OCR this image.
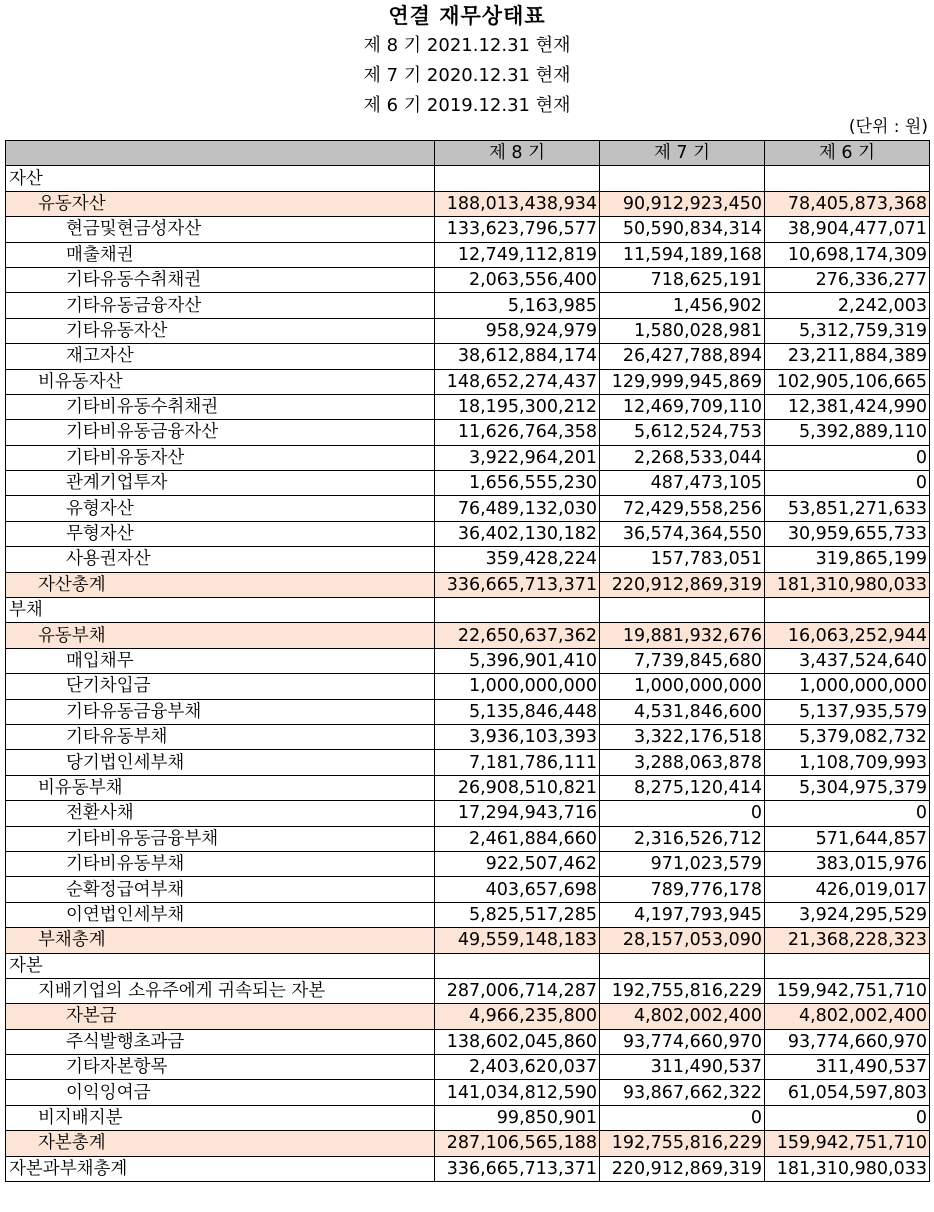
연결 재무상태표
제 8 기 2021.12.31 현재
제 7 기 2020.12.31 현재
제 6 기 2019.12.31 현재
(단위 : 원)
	제 8 기	제 7 기	제 6 기
자산			
유동자산	188,013,438,934	90,912,923,450	78,405,873,368
현금및현금성자산	133,623,796,577	50,590,834,314	38,904,477,071
매출채권	12,749,112,819	11,594,189,168	10,698,174,309
기타유동수취채권	2,063,556,400	718,625,191	276,336,277
기타유동금융자산	5,163,985	1,456,902	2,242,003
기타유동자산	958,924,979	1,580,028,981	5,312,759,319
재고자산	38,612,884,174	26,427,788,894	23,211,884,389
비유동자산	148,652,274,437	129,999,945,869	102,905,106,665
기타비유동수취채권	18,195,300,212	12,469,709,110	12,381,424,990
기타비유동금융자산	11,626,764,358	5,612,524,753	5,392,889,110
기타비유동자산	3,922,964,201	2,268,533,044	0
관계기업투자	1,656,555,230	487,473,105	0
유형자산	76,489,132,030	72,429,558,256	53,851,271,633
무형자산	36,402,130,182	36,574,364,550	30,959,655,733
사용권자산	359,428,224	157,783,051	319,865,199
자산총계	336,665,713,371	220,912,869,319	181,310,980,033
부채			
유동부채	22,650,637,362	19,881,932,676	16,063,252,944
매입채무	5,396,901,410	7,739,845,680	3,437,524,640
단기차입금	1,000,000,000	1,000,000,000	1,000,000,000
기타유동금융부채	5,135,846,448	4,531,846,600	5,137,935,579
기타유동부채	3,936,103,393	3,322,176,518	5,379,082,732
당기법인세부채	7,181,786,111	3,288,063,878	1,108,709,993
비유동부채	26,908,510,821	8,275,120,414	5,304,975,379
전환사채	17,294,943,716	0	0
기타비유동금융부채	2,461,884,660	2,316,526,712	571,644,857
기타비유동부채	922,507,462	971,023,579	383,015,976
순확정급여부채	403,657,698	789,776,178	426,019,017
이연법인세부채	5,825,517,285	4,197,793,945	3,924,295,529
부채총계	49,559,148,183	28,157,053,090	21,368,228,323
자본			
지배기업의 소유주에게 귀속되는 자본	287,006,714,287	192,755,816,229	159,942,751,710
자본금	4,966,235,800	4,802,002,400	4,802,002,400
주식발행초과금	138,602,045,860	93,774,660,970	93,774,660,970
기타자본항목	2,403,620,037	311,490,537	311,490,537
이익잉여금	141,034,812,590	93,867,662,322	61,054,597,803
비지배지분	99,850,901	0	0
자본총계	287,106,565,188	192,755,816,229	159,942,751,710
자본과부채총계	336,665,713,371	220,912,869,319	181,310,980,033
